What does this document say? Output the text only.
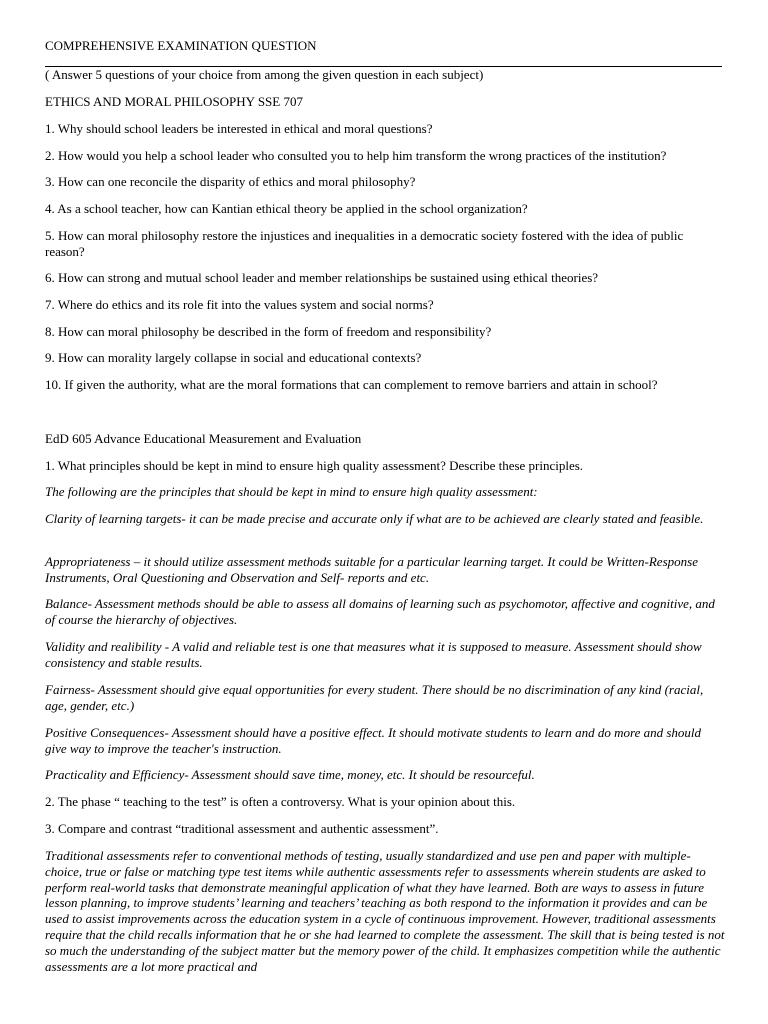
COMPREHENSIVE EXAMINATION QUESTION

( Answer 5 questions of your choice from among the given question in each subject)

ETHICS AND MORAL PHILOSOPHY SSE 707

1. Why should school leaders be interested in ethical and moral questions?

2. How would you help a school leader who consulted you to help him transform the wrong practices of the institution?

3. How can one reconcile the disparity of ethics and moral philosophy?

4. As a school teacher, how can Kantian ethical theory be applied in the school organization?

5. How can moral philosophy restore the injustices and inequalities in a democratic society fostered with the idea of public reason?

6. How can strong and mutual school leader and member relationships be sustained using ethical theories?

7. Where do ethics and its role fit into the values system and social norms?

8. How can moral philosophy be described in the form of freedom and responsibility?

9. How can morality largely collapse in social and educational contexts?

10. If given the authority, what are the moral formations that can complement to remove barriers and attain in school?

EdD 605 Advance Educational Measurement and Evaluation

1. What principles should be kept in mind to ensure high quality assessment? Describe these principles.

The following are the principles that should be kept in mind to ensure high quality assessment:

Clarity of learning targets- it can be made precise and accurate only if what are to be achieved are clearly stated and feasible.

Appropriateness – it should utilize assessment methods suitable for a particular learning target. It could be Written-Response Instruments, Oral Questioning and Observation and Self- reports and etc.

Balance- Assessment methods should be able to assess all domains of learning such as psychomotor, affective and cognitive, and of course the hierarchy of objectives.

Validity and realibility - A valid and reliable test is one that measures what it is supposed to measure. Assessment should show consistency and stable results.

Fairness- Assessment should give equal opportunities for every student. There should be no discrimination of any kind (racial, age, gender, etc.)

Positive Consequences- Assessment should have a positive effect. It should motivate students to learn and do more and should give way to improve the teacher's instruction.

Practicality and Efficiency- Assessment should save time, money, etc. It should be resourceful.

2. The phase “ teaching to the test” is often a controversy. What is your opinion about this.

3. Compare and contrast “traditional assessment and authentic assessment”.

Traditional assessments refer to conventional methods of testing, usually standardized and use pen and paper with multiple-choice, true or false or matching type test items while authentic assessments refer to assessments wherein students are asked to perform real-world tasks that demonstrate meaningful application of what they have learned. Both are ways to assess in future lesson planning, to improve students’ learning and teachers’ teaching as both respond to the information it provides and can be used to assist improvements across the education system in a cycle of continuous improvement. However, traditional assessments require that the child recalls information that he or she had learned to complete the assessment. The skill that is being tested is not so much the understanding of the subject matter but the memory power of the child. It emphasizes competition while the authentic assessments are a lot more practical and
